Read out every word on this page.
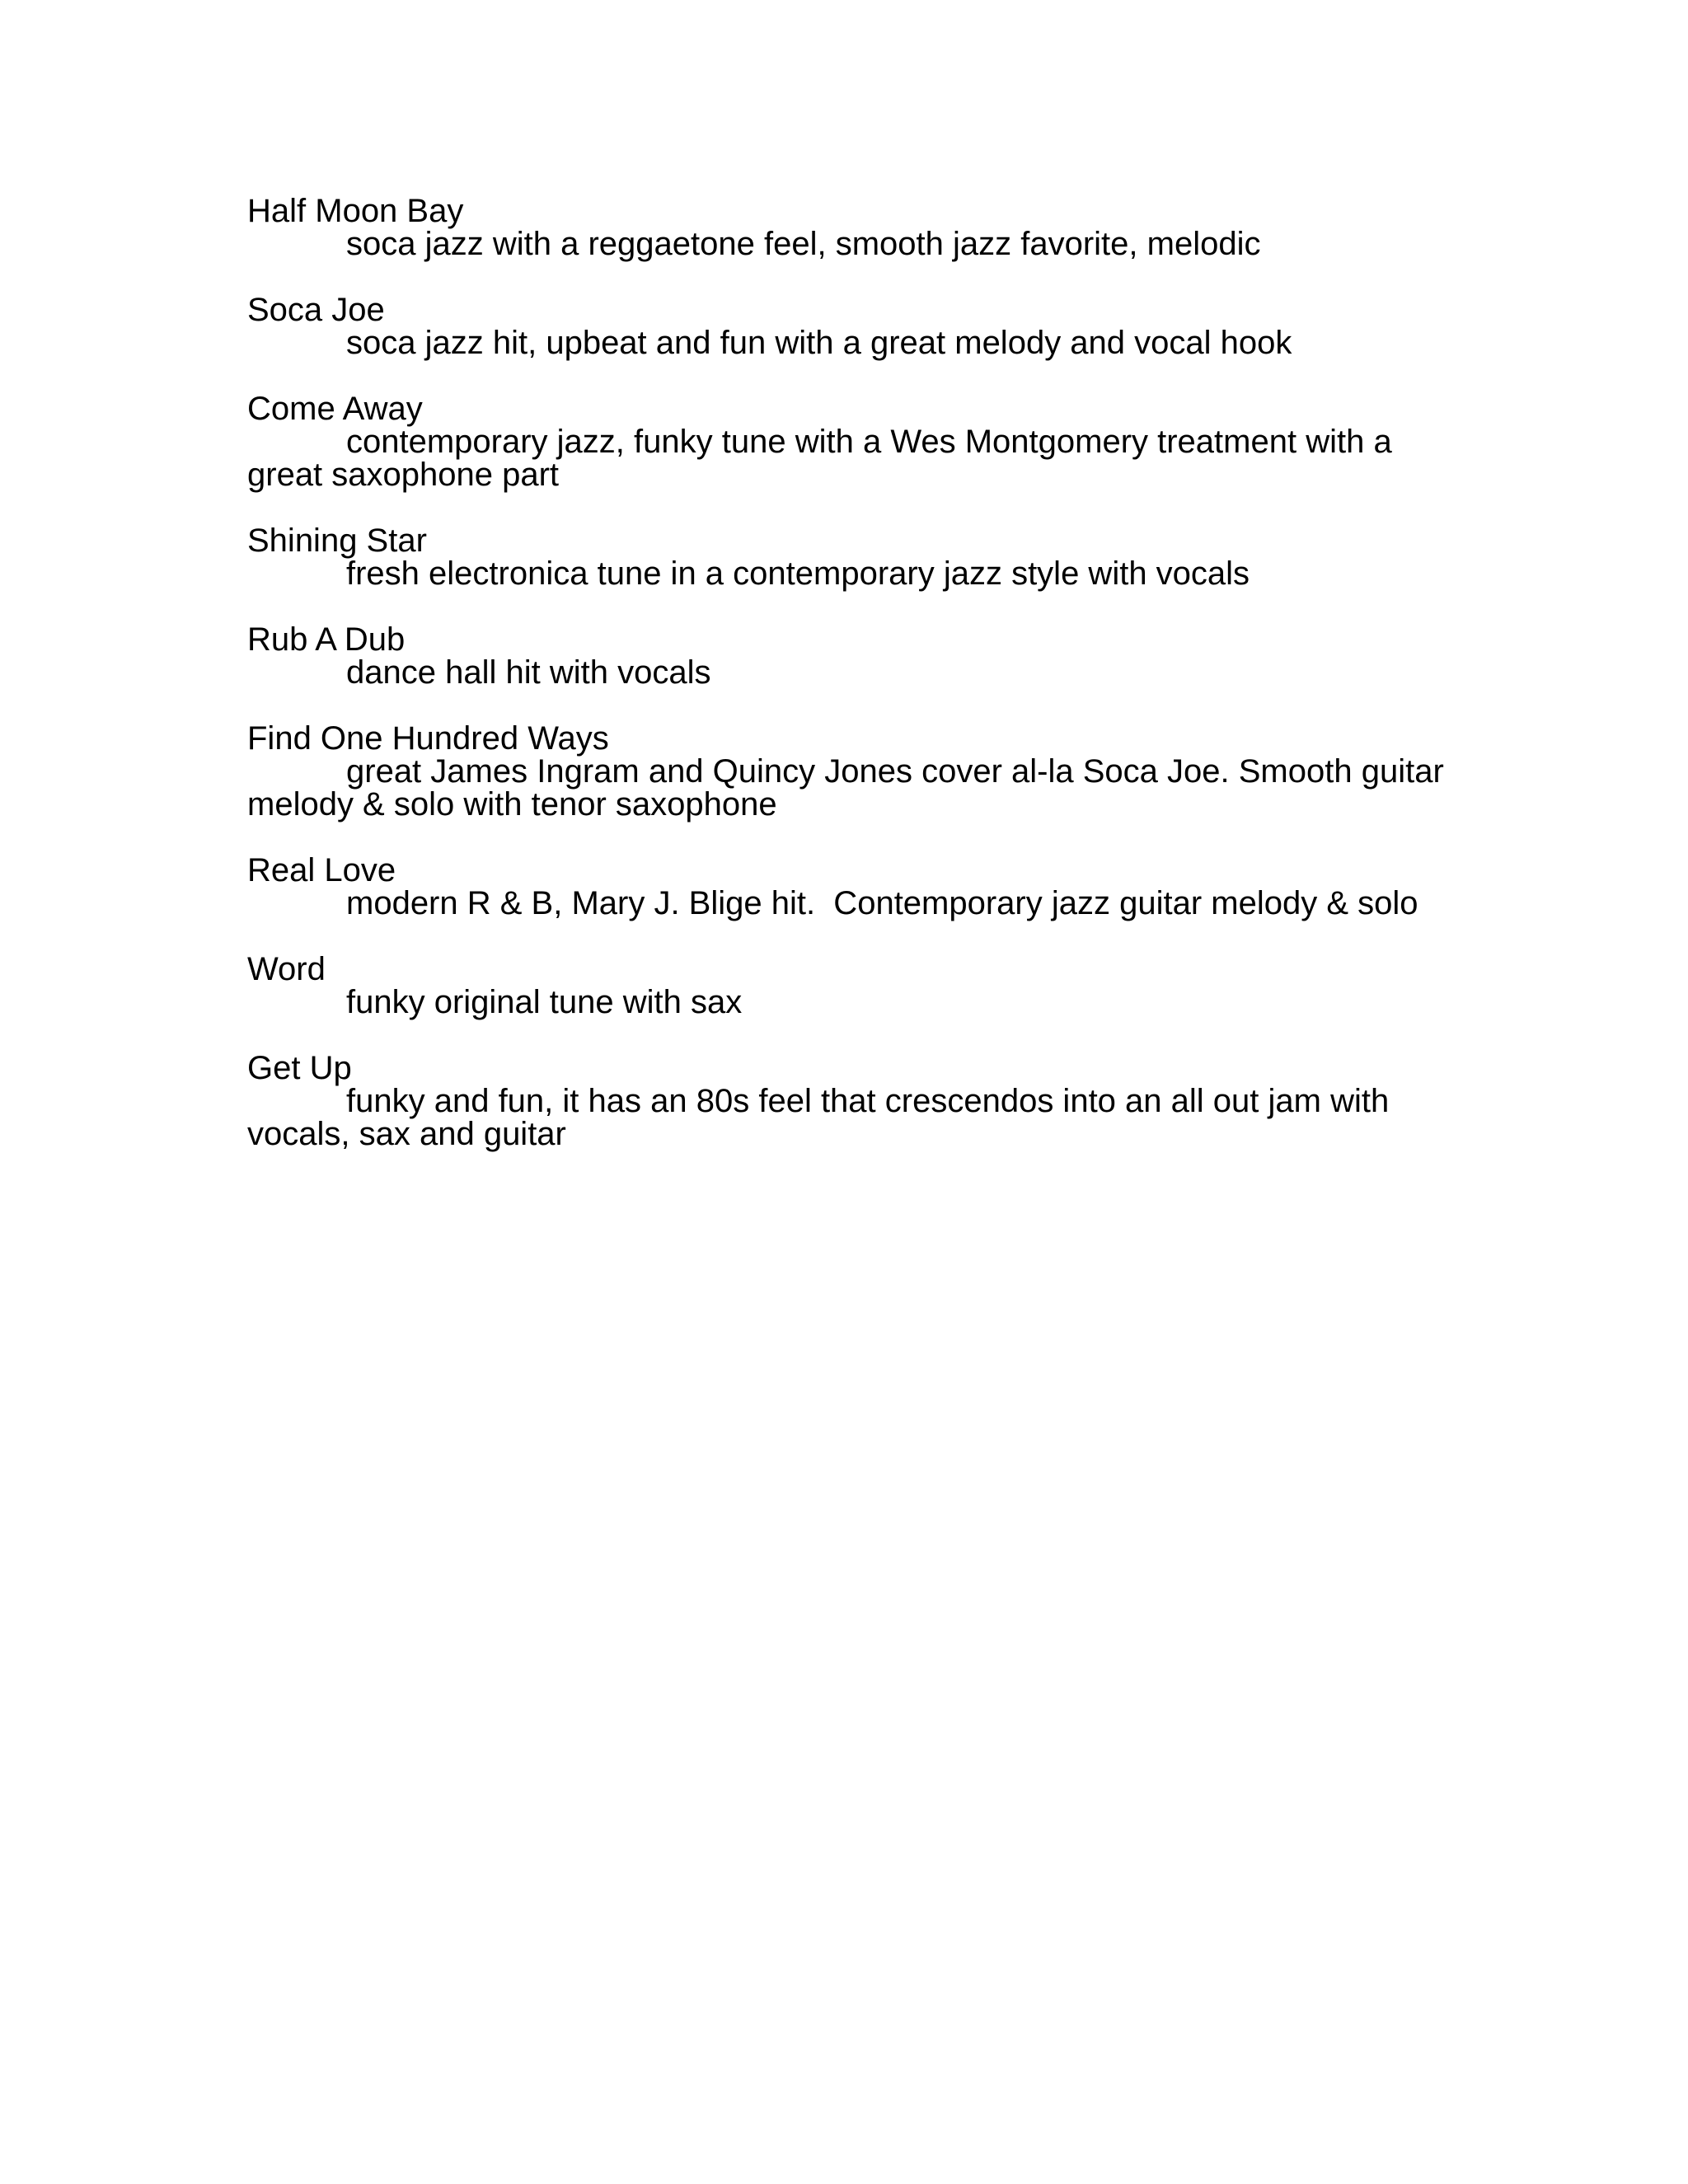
Half Moon Bay
soca jazz with a reggaetone feel, smooth jazz favorite, melodic
Soca Joe
soca jazz hit, upbeat and fun with a great melody and vocal hook
Come Away
contemporary jazz, funky tune with a Wes Montgomery treatment with a great saxophone part
Shining Star
fresh electronica tune in a contemporary jazz style with vocals
Rub A Dub
dance hall hit with vocals
Find One Hundred Ways
great James Ingram and Quincy Jones cover al-la Soca Joe. Smooth guitar melody & solo with tenor saxophone
Real Love
modern R & B, Mary J. Blige hit.  Contemporary jazz guitar melody & solo
Word
funky original tune with sax
Get Up
funky and fun, it has an 80s feel that crescendos into an all out jam with vocals, sax and guitar
